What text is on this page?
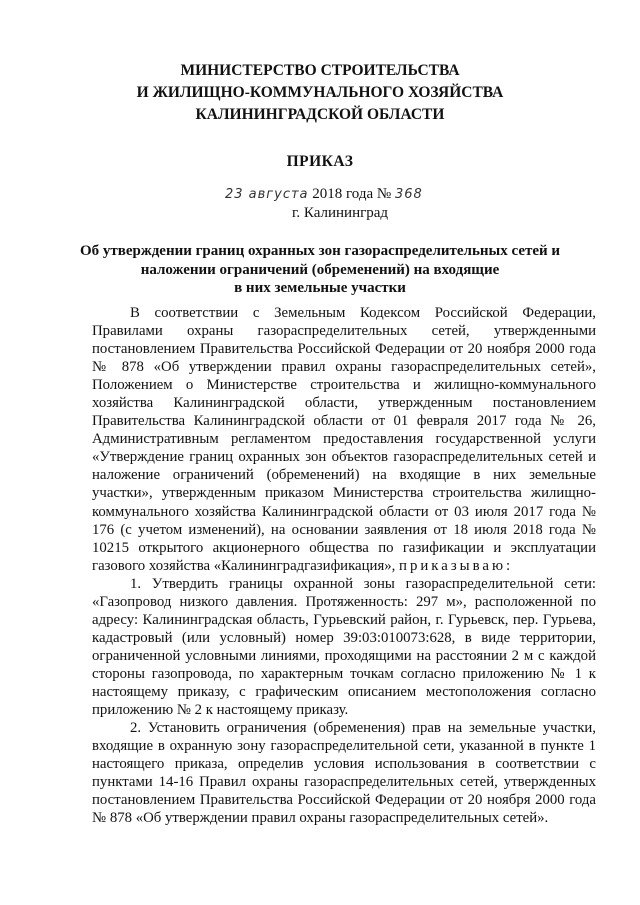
МИНИСТЕРСТВО СТРОИТЕЛЬСТВА
И ЖИЛИЩНО-КОММУНАЛЬНОГО ХОЗЯЙСТВА
КАЛИНИНГРАДСКОЙ ОБЛАСТИ
ПРИКАЗ
23 августа 2018 года № 368
г. Калининград
Об утверждении границ охранных зон газораспределительных сетей и
наложении ограничений (обременений) на входящие
в них земельные участки

В соответствии с Земельным Кодексом Российской Федерации, Правилами охраны газораспределительных сетей, утвержденными постановлением Правительства Российской Федерации от 20 ноября 2000 года № 878 «Об утверждении правил охраны газораспределительных сетей», Положением о Министерстве строительства и жилищно-коммунального хозяйства Калининградской области, утвержденным постановлением Правительства Калининградской области от 01 февраля 2017 года № 26, Административным регламентом предоставления государственной услуги «Утверждение границ охранных зон объектов газораспределительных сетей и наложение ограничений (обременений) на входящие в них земельные участки», утвержденным приказом Министерства строительства жилищно-коммунального хозяйства Калининградской области от 03 июля 2017 года № 176 (с учетом изменений), на основании заявления от 18 июля 2018 года № 10215 открытого акционерного общества по газификации и эксплуатации газового хозяйства «Калининградгазификация», приказываю:

1. Утвердить границы охранной зоны газораспределительной сети: «Газопровод низкого давления. Протяженность: 297 м», расположенной по адресу: Калининградская область, Гурьевский район, г. Гурьевск, пер. Гурьева, кадастровый (или условный) номер 39:03:010073:628, в виде территории, ограниченной условными линиями, проходящими на расстоянии 2 м с каждой стороны газопровода, по характерным точкам согласно приложению № 1 к настоящему приказу, с графическим описанием местоположения согласно приложению № 2 к настоящему приказу.

2. Установить ограничения (обременения) прав на земельные участки, входящие в охранную зону газораспределительной сети, указанной в пункте 1 настоящего приказа, определив условия использования в соответствии с пунктами 14-16 Правил охраны газораспределительных сетей, утвержденных постановлением Правительства Российской Федерации от 20 ноября 2000 года № 878 «Об утверждении правил охраны газораспределительных сетей».
